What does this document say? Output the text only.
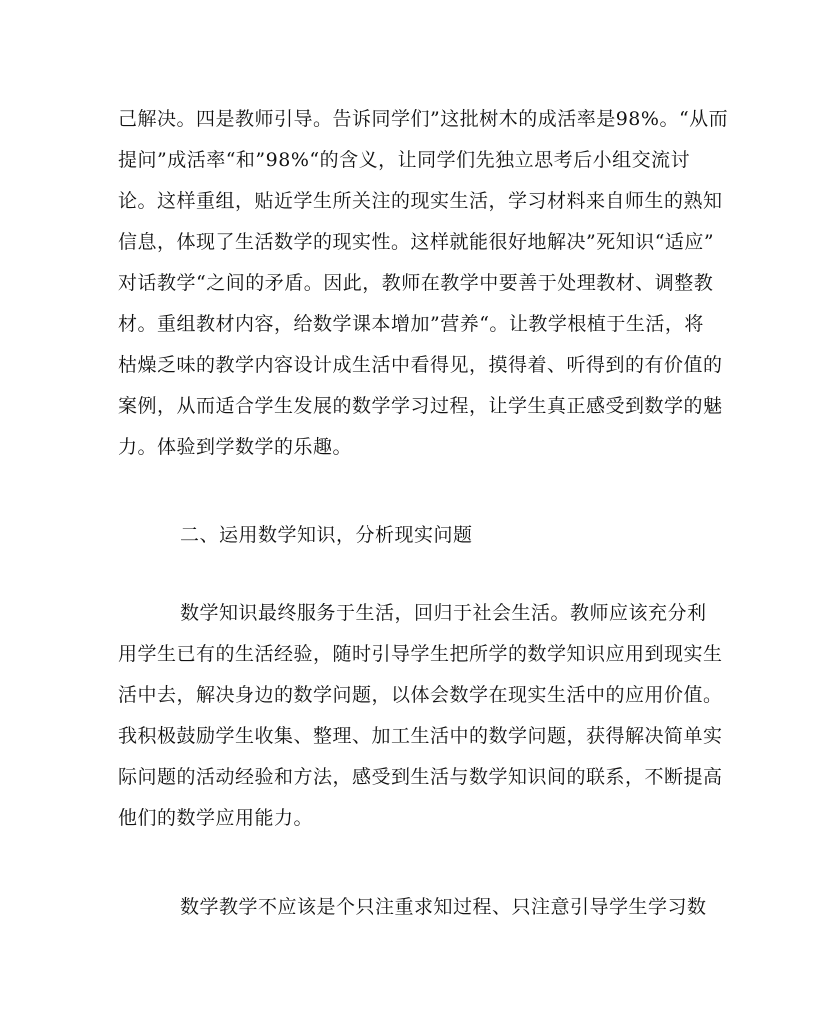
己解决。四是教师引导。告诉同学们”这批树木的成活率是98%。“从而
提问”成活率“和”98%“的含义，让同学们先独立思考后小组交流讨
论。这样重组，贴近学生所关注的现实生活，学习材料来自师生的熟知
信息，体现了生活数学的现实性。这样就能很好地解决”死知识“适应”
对话教学“之间的矛盾。因此，教师在教学中要善于处理教材、调整教
材。重组教材内容，给数学课本增加”营养“。让教学根植于生活，将
枯燥乏味的教学内容设计成生活中看得见，摸得着、听得到的有价值的
案例，从而适合学生发展的数学学习过程，让学生真正感受到数学的魅
力。体验到学数学的乐趣。
二、运用数学知识，分析现实问题
数学知识最终服务于生活，回归于社会生活。教师应该充分利
用学生已有的生活经验，随时引导学生把所学的数学知识应用到现实生
活中去，解决身边的数学问题，以体会数学在现实生活中的应用价值。
我积极鼓励学生收集、整理、加工生活中的数学问题，获得解决简单实
际问题的活动经验和方法，感受到生活与数学知识间的联系，不断提高
他们的数学应用能力。
数学教学不应该是个只注重求知过程、只注意引导学生学习数
